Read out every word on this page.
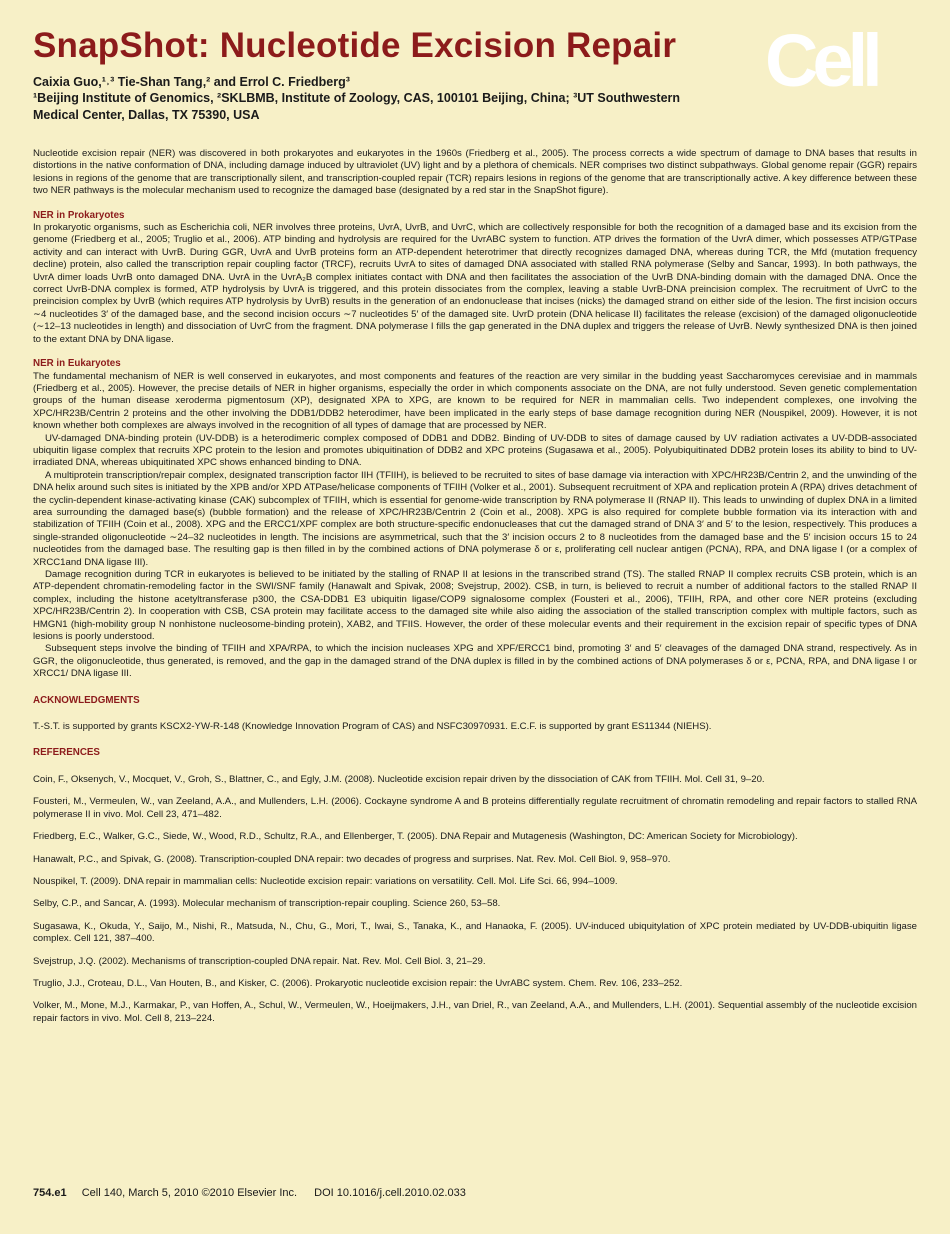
SnapShot: Nucleotide Excision Repair
Caixia Guo,¹˒³ Tie-Shan Tang,² and Errol C. Friedberg³
¹Beijing Institute of Genomics, ²SKLBMB, Institute of Zoology, CAS, 100101 Beijing, China; ³UT Southwestern
Medical Center, Dallas, TX 75390, USA
Cell

Nucleotide excision repair (NER) was discovered in both prokaryotes and eukaryotes in the 1960s (Friedberg et al., 2005). The process corrects a wide spectrum of damage to DNA bases that results in distortions in the native conformation of DNA, including damage induced by ultraviolet (UV) light and by a plethora of chemicals. NER comprises two distinct subpathways. Global genome repair (GGR) repairs lesions in regions of the genome that are transcriptionally silent, and transcription-coupled repair (TCR) repairs lesions in regions of the genome that are transcriptionally active. A key difference between these two NER pathways is the molecular mechanism used to recognize the damaged base (designated by a red star in the SnapShot figure).

NER in Prokaryotes

In prokaryotic organisms, such as Escherichia coli, NER involves three proteins, UvrA, UvrB, and UvrC, which are collectively responsible for both the recognition of a damaged base and its excision from the genome (Friedberg et al., 2005; Truglio et al., 2006). ATP binding and hydrolysis are required for the UvrABC system to function. ATP drives the formation of the UvrA dimer, which possesses ATP/GTPase activity and can interact with UvrB. During GGR, UvrA and UvrB proteins form an ATP-dependent heterotrimer that directly recognizes damaged DNA, whereas during TCR, the Mfd (mutation frequency decline) protein, also called the transcription repair coupling factor (TRCF), recruits UvrA to sites of damaged DNA associated with stalled RNA polymerase (Selby and Sancar, 1993). In both pathways, the UvrA dimer loads UvrB onto damaged DNA. UvrA in the UvrA₂B complex initiates contact with DNA and then facilitates the association of the UvrB DNA-binding domain with the damaged DNA. Once the correct UvrB-DNA complex is formed, ATP hydrolysis by UvrA is triggered, and this protein dissociates from the complex, leaving a stable UvrB-DNA preincision complex. The recruitment of UvrC to the preincision complex by UvrB (which requires ATP hydrolysis by UvrB) results in the generation of an endonuclease that incises (nicks) the damaged strand on either side of the lesion. The first incision occurs ∼4 nucleotides 3′ of the damaged base, and the second incision occurs ∼7 nucleotides 5′ of the damaged site. UvrD protein (DNA helicase II) facilitates the release (excision) of the damaged oligonucleotide (∼12–13 nucleotides in length) and dissociation of UvrC from the fragment. DNA polymerase I fills the gap generated in the DNA duplex and triggers the release of UvrB. Newly synthesized DNA is then joined to the extant DNA by DNA ligase.

NER in Eukaryotes

The fundamental mechanism of NER is well conserved in eukaryotes, and most components and features of the reaction are very similar in the budding yeast Saccharomyces cerevisiae and in mammals (Friedberg et al., 2005). However, the precise details of NER in higher organisms, especially the order in which components associate on the DNA, are not fully understood. Seven genetic complementation groups of the human disease xeroderma pigmentosum (XP), designated XPA to XPG, are known to be required for NER in mammalian cells. Two independent complexes, one involving the XPC/HR23B/Centrin 2 proteins and the other involving the DDB1/DDB2 heterodimer, have been implicated in the early steps of base damage recognition during NER (Nouspikel, 2009). However, it is not known whether both complexes are always involved in the recognition of all types of damage that are processed by NER.

UV-damaged DNA-binding protein (UV-DDB) is a heterodimeric complex composed of DDB1 and DDB2. Binding of UV-DDB to sites of damage caused by UV radiation activates a UV-DDB-associated ubiquitin ligase complex that recruits XPC protein to the lesion and promotes ubiquitination of DDB2 and XPC proteins (Sugasawa et al., 2005). Polyubiquitinated DDB2 protein loses its ability to bind to UV-irradiated DNA, whereas ubiquitinated XPC shows enhanced binding to DNA.

A multiprotein transcription/repair complex, designated transcription factor IIH (TFIIH), is believed to be recruited to sites of base damage via interaction with XPC/HR23B/Centrin 2, and the unwinding of the DNA helix around such sites is initiated by the XPB and/or XPD ATPase/helicase components of TFIIH (Volker et al., 2001). Subsequent recruitment of XPA and replication protein A (RPA) drives detachment of the cyclin-dependent kinase-activating kinase (CAK) subcomplex of TFIIH, which is essential for genome-wide transcription by RNA polymerase II (RNAP II). This leads to unwinding of duplex DNA in a limited area surrounding the damaged base(s) (bubble formation) and the release of XPC/HR23B/Centrin 2 (Coin et al., 2008). XPG is also required for complete bubble formation via its interaction with and stabilization of TFIIH (Coin et al., 2008). XPG and the ERCC1/XPF complex are both structure-specific endonucleases that cut the damaged strand of DNA 3′ and 5′ to the lesion, respectively. This produces a single-stranded oligonucleotide ∼24–32 nucleotides in length. The incisions are asymmetrical, such that the 3′ incision occurs 2 to 8 nucleotides from the damaged base and the 5′ incision occurs 15 to 24 nucleotides from the damaged base. The resulting gap is then filled in by the combined actions of DNA polymerase δ or ε, proliferating cell nuclear antigen (PCNA), RPA, and DNA ligase I (or a complex of XRCC1and DNA ligase III).

Damage recognition during TCR in eukaryotes is believed to be initiated by the stalling of RNAP II at lesions in the transcribed strand (TS). The stalled RNAP II complex recruits CSB protein, which is an ATP-dependent chromatin-remodeling factor in the SWI/SNF family (Hanawalt and Spivak, 2008; Svejstrup, 2002). CSB, in turn, is believed to recruit a number of additional factors to the stalled RNAP II complex, including the histone acetyltransferase p300, the CSA-DDB1 E3 ubiquitin ligase/COP9 signalosome complex (Fousteri et al., 2006), TFIIH, RPA, and other core NER proteins (excluding XPC/HR23B/Centrin 2). In cooperation with CSB, CSA protein may facilitate access to the damaged site while also aiding the association of the stalled transcription complex with multiple factors, such as HMGN1 (high-mobility group N nonhistone nucleosome-binding protein), XAB2, and TFIIS. However, the order of these molecular events and their requirement in the excision repair of specific types of DNA lesions is poorly understood.

Subsequent steps involve the binding of TFIIH and XPA/RPA, to which the incision nucleases XPG and XPF/ERCC1 bind, promoting 3′ and 5′ cleavages of the damaged DNA strand, respectively. As in GGR, the oligonucleotide, thus generated, is removed, and the gap in the damaged strand of the DNA duplex is filled in by the combined actions of DNA polymerases δ or ε, PCNA, RPA, and DNA ligase I or XRCC1/ DNA ligase III.

ACKNOWLEDGMENTS

T.-S.T. is supported by grants KSCX2-YW-R-148 (Knowledge Innovation Program of CAS) and NSFC30970931. E.C.F. is supported by grant ES11344 (NIEHS).

REFERENCES

Coin, F., Oksenych, V., Mocquet, V., Groh, S., Blattner, C., and Egly, J.M. (2008). Nucleotide excision repair driven by the dissociation of CAK from TFIIH. Mol. Cell 31, 9–20.

Fousteri, M., Vermeulen, W., van Zeeland, A.A., and Mullenders, L.H. (2006). Cockayne syndrome A and B proteins differentially regulate recruitment of chromatin remodeling and repair factors to stalled RNA polymerase II in vivo. Mol. Cell 23, 471–482.

Friedberg, E.C., Walker, G.C., Siede, W., Wood, R.D., Schultz, R.A., and Ellenberger, T. (2005). DNA Repair and Mutagenesis (Washington, DC: American Society for Microbiology).

Hanawalt, P.C., and Spivak, G. (2008). Transcription-coupled DNA repair: two decades of progress and surprises. Nat. Rev. Mol. Cell Biol. 9, 958–970.

Nouspikel, T. (2009). DNA repair in mammalian cells: Nucleotide excision repair: variations on versatility. Cell. Mol. Life Sci. 66, 994–1009.

Selby, C.P., and Sancar, A. (1993). Molecular mechanism of transcription-repair coupling. Science 260, 53–58.

Sugasawa, K., Okuda, Y., Saijo, M., Nishi, R., Matsuda, N., Chu, G., Mori, T., Iwai, S., Tanaka, K., and Hanaoka, F. (2005). UV-induced ubiquitylation of XPC protein mediated by UV-DDB-ubiquitin ligase complex. Cell 121, 387–400.

Svejstrup, J.Q. (2002). Mechanisms of transcription-coupled DNA repair. Nat. Rev. Mol. Cell Biol. 3, 21–29.

Truglio, J.J., Croteau, D.L., Van Houten, B., and Kisker, C. (2006). Prokaryotic nucleotide excision repair: the UvrABC system. Chem. Rev. 106, 233–252.

Volker, M., Mone, M.J., Karmakar, P., van Hoffen, A., Schul, W., Vermeulen, W., Hoeijmakers, J.H., van Driel, R., van Zeeland, A.A., and Mullenders, L.H. (2001). Sequential assembly of the nucleotide excision repair factors in vivo. Mol. Cell 8, 213–224.

754.e1 Cell 140, March 5, 2010 ©2010 Elsevier Inc. DOI 10.1016/j.cell.2010.02.033
